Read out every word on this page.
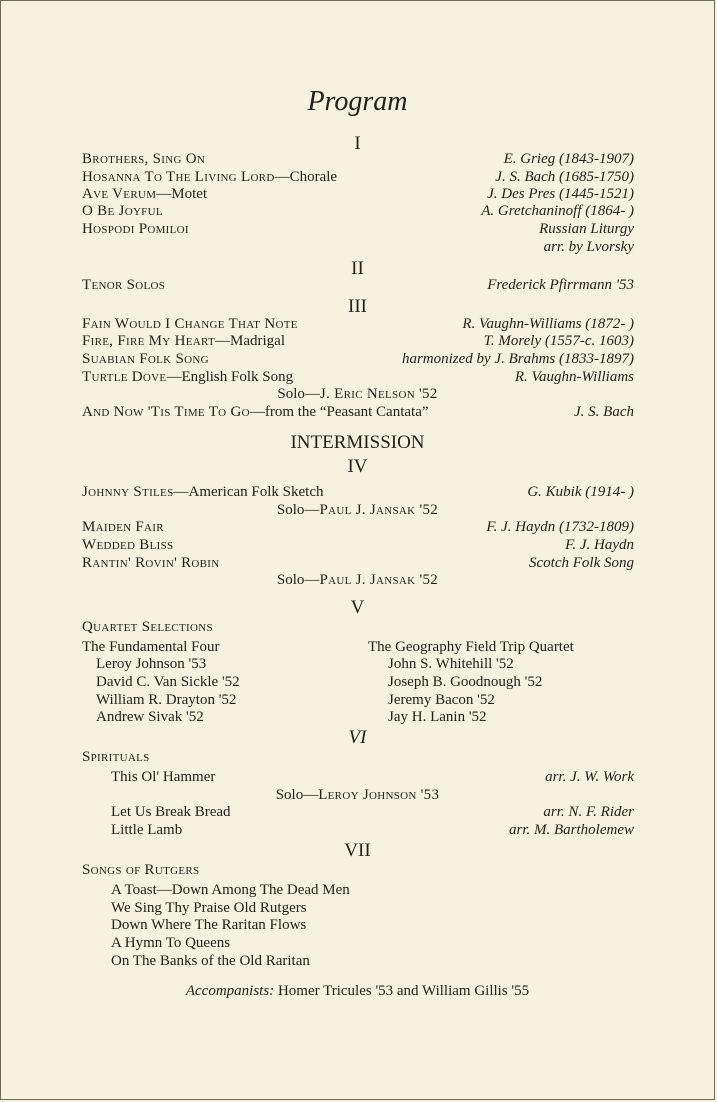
Program
I
Brothers, Sing On	E. Grieg (1843-1907)
Hosanna To The Living Lord—Chorale	J. S. Bach (1685-1750)
Ave Verum—Motet	J. Des Pres (1445-1521)
O Be Joyful	A. Gretchaninoff (1864- )
Hospodi Pomiloi	Russian Liturgy
arr. by Lvorsky
II
Tenor Solos	Frederick Pfirrmann '53
III
Fain Would I Change That Note	R. Vaughn-Williams (1872- )
Fire, Fire My Heart—Madrigal	T. Morely (1557-c. 1603)
Suabian Folk Song	harmonized by J. Brahms (1833-1897)
Turtle Dove—English Folk Song	R. Vaughn-Williams
Solo—J. Eric Nelson '52
And Now 'Tis Time To Go—from the “Peasant Cantata”	J. S. Bach
INTERMISSION
IV
Johnny Stiles—American Folk Sketch	G. Kubik (1914- )
Solo—Paul J. Jansak '52
Maiden Fair	F. J. Haydn (1732-1809)
Wedded Bliss	F. J. Haydn
Rantin' Rovin' Robin	Scotch Folk Song
Solo—Paul J. Jansak '52
V
Quartet Selections
The Fundamental Four	The Geography Field Trip Quartet
Leroy Johnson '53	John S. Whitehill '52
David C. Van Sickle '52	Joseph B. Goodnough '52
William R. Drayton '52	Jeremy Bacon '52
Andrew Sivak '52	Jay H. Lanin '52
VI
Spirituals
This Ol' Hammer	arr. J. W. Work
Solo—Leroy Johnson '53
Let Us Break Bread	arr. N. F. Rider
Little Lamb	arr. M. Bartholemew
VII
Songs of Rutgers
A Toast—Down Among The Dead Men
We Sing Thy Praise Old Rutgers
Down Where The Raritan Flows
A Hymn To Queens
On The Banks of the Old Raritan
Accompanists: Homer Tricules '53 and William Gillis '55
